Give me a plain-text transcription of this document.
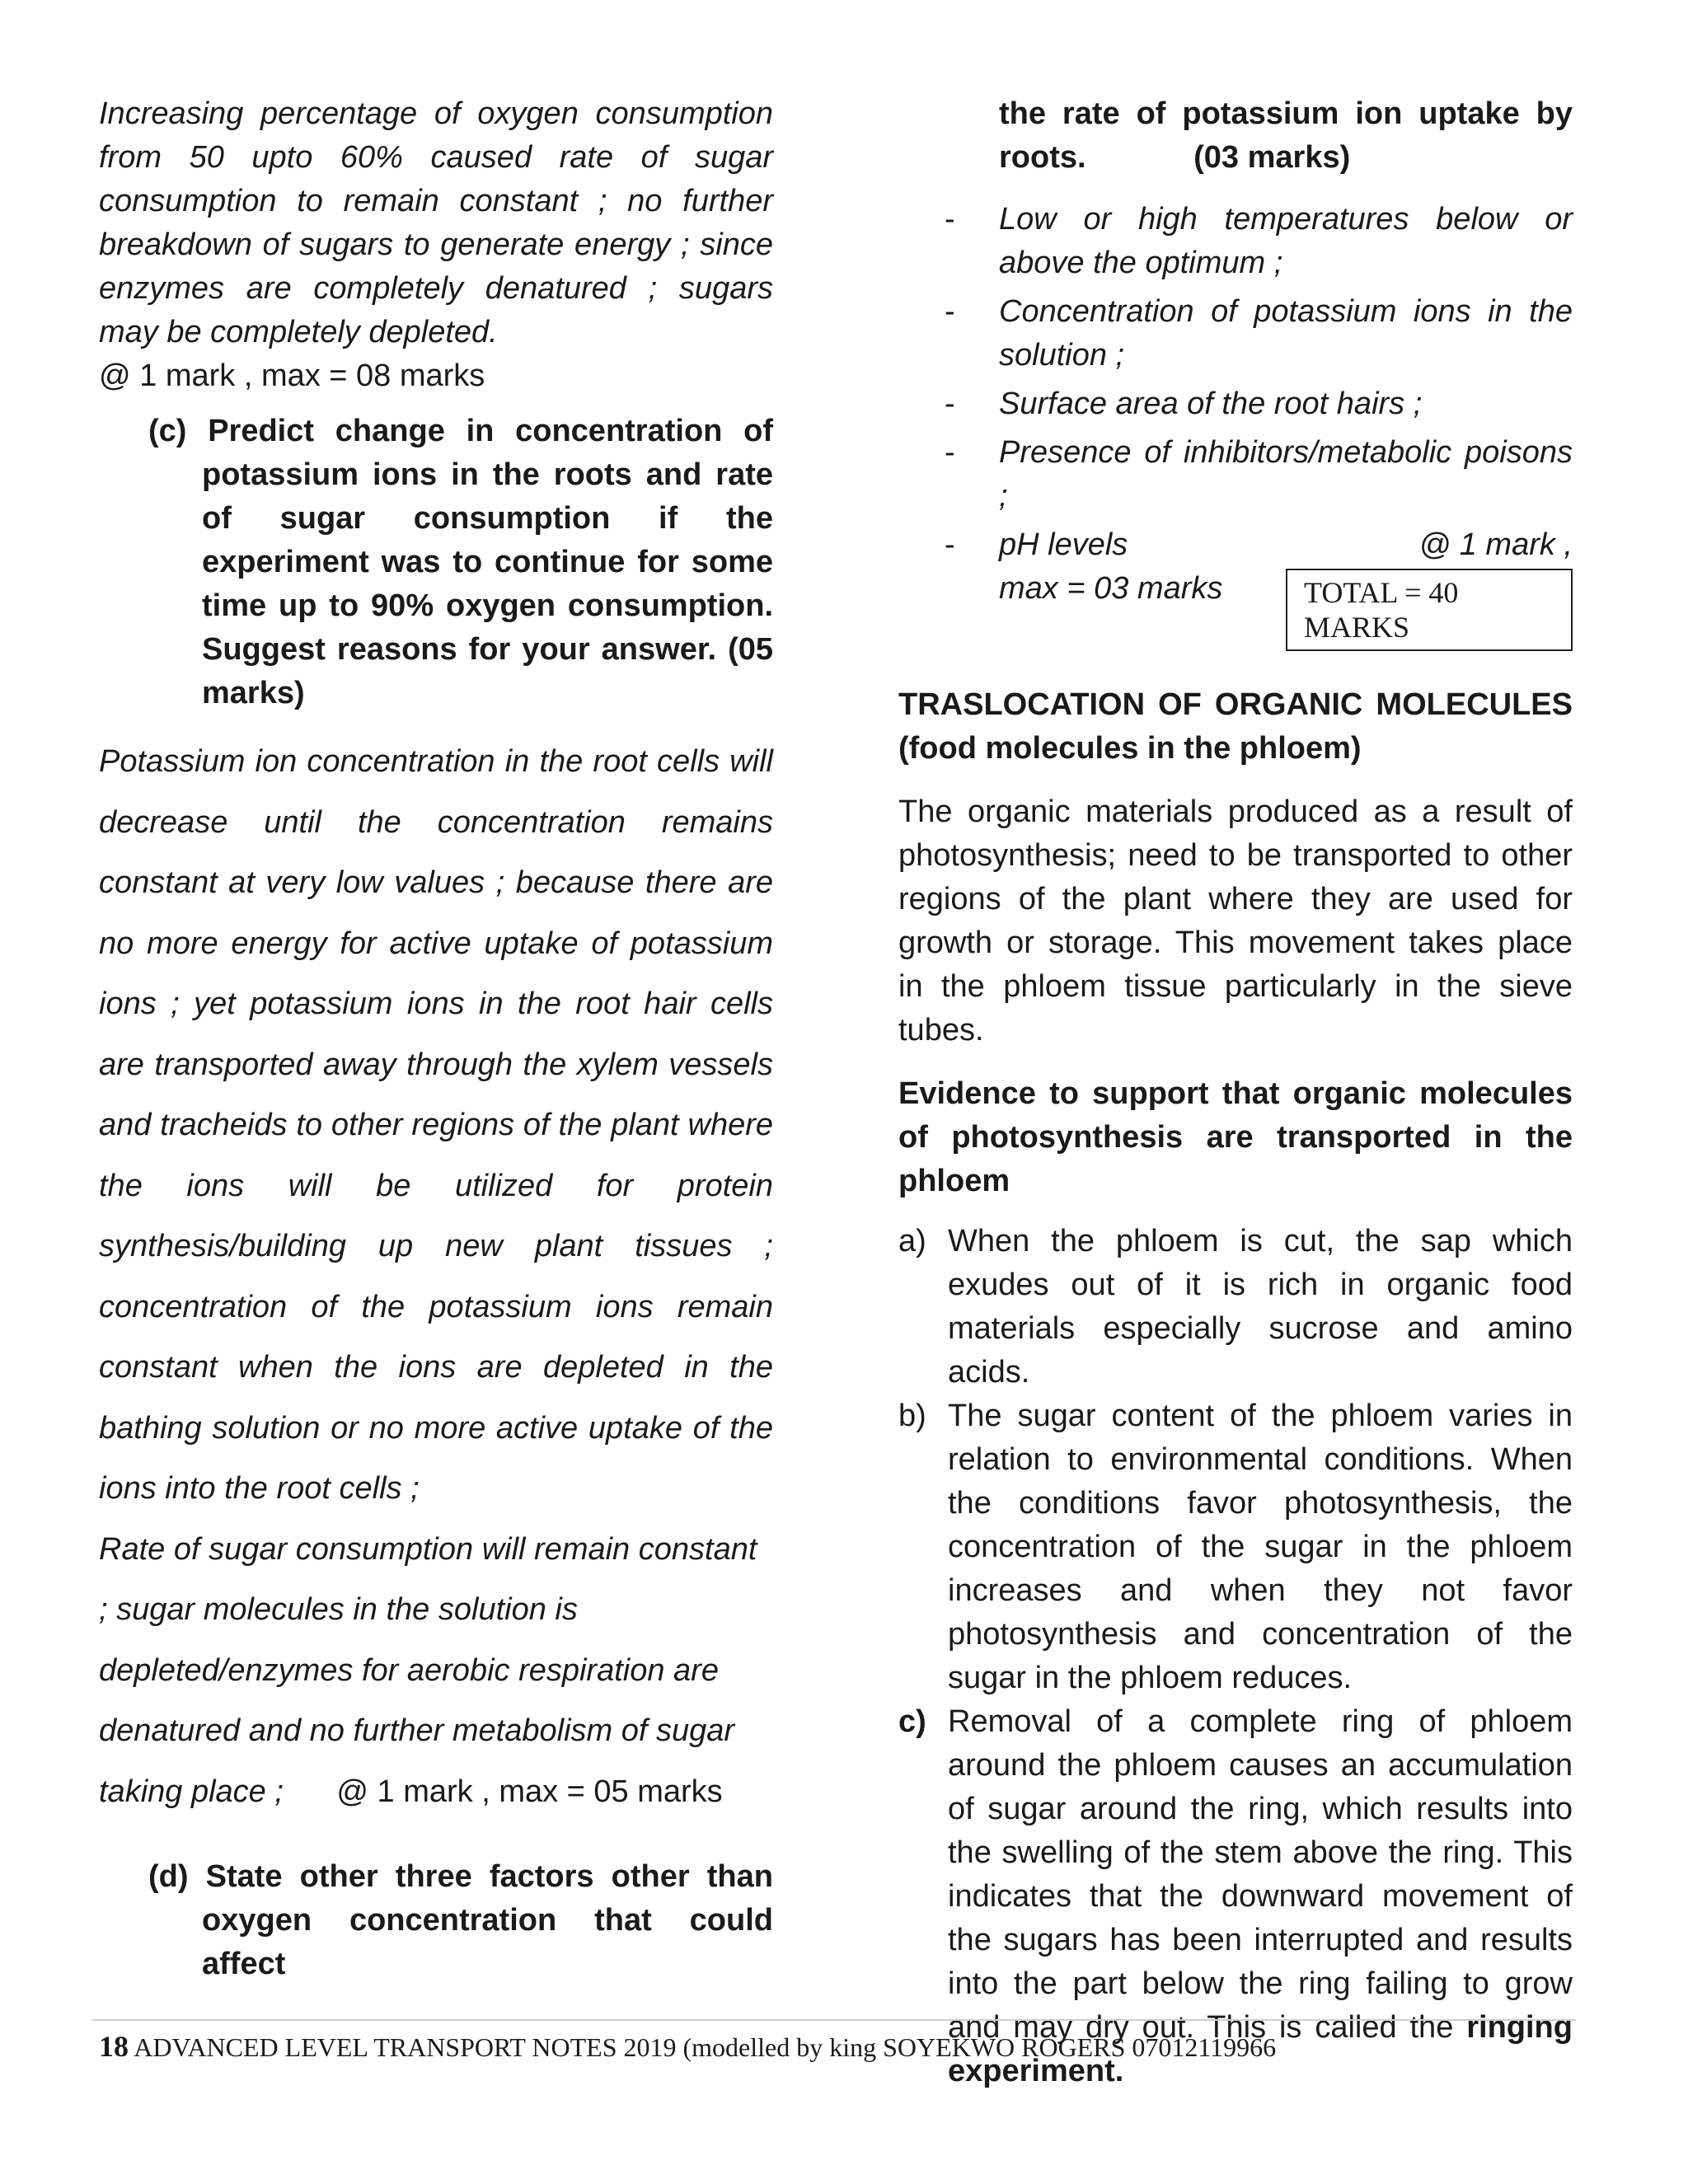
Increasing percentage of oxygen consumption from 50 upto 60% caused rate of sugar consumption to remain constant ; no further breakdown of sugars to generate energy ; since enzymes are completely denatured ; sugars may be completely depleted.

@ 1 mark , max = 08 marks

(c) Predict change in concentration of potassium ions in the roots and rate of sugar consumption if the experiment was to continue for some time up to 90% oxygen consumption. Suggest reasons for your answer. (05 marks)

Potassium ion concentration in the root cells will decrease until the concentration remains constant at very low values ; because there are no more energy for active uptake of potassium ions ; yet potassium ions in the root hair cells are transported away through the xylem vessels and tracheids to other regions of the plant where the ions will be utilized for protein synthesis/building up new plant tissues ; concentration of the potassium ions remain constant when the ions are depleted in the bathing solution or no more active uptake of the ions into the root cells ;

Rate of sugar consumption will remain constant ; sugar molecules in the solution is depleted/enzymes for aerobic respiration are denatured and no further metabolism of sugar taking place ; @ 1 mark , max = 05 marks

(d) State other three factors other than oxygen concentration that could affect

the rate of potassium ion uptake by roots.	(03 marks)

- Low or high temperatures below or above the optimum ;
- Concentration of potassium ions in the solution ;
- Surface area of the root hairs ;
- Presence of inhibitors/metabolic poisons ;
- pH levels	@ 1 mark ,

max = 03 marks	TOTAL = 40 MARKS

TRASLOCATION OF ORGANIC MOLECULES (food molecules in the phloem)

The organic materials produced as a result of photosynthesis; need to be transported to other regions of the plant where they are used for growth or storage. This movement takes place in the phloem tissue particularly in the sieve tubes.

Evidence to support that organic molecules of photosynthesis are transported in the phloem

a) When the phloem is cut, the sap which exudes out of it is rich in organic food materials especially sucrose and amino acids.
b) The sugar content of the phloem varies in relation to environmental conditions. When the conditions favor photosynthesis, the concentration of the sugar in the phloem increases and when they not favor photosynthesis and concentration of the sugar in the phloem reduces.
c) Removal of a complete ring of phloem around the phloem causes an accumulation of sugar around the ring, which results into the swelling of the stem above the ring. This indicates that the downward movement of the sugars has been interrupted and results into the part below the ring failing to grow and may dry out. This is called the ringing experiment.
18 ADVANCED LEVEL TRANSPORT NOTES 2019 (modelled by king SOYEKWO ROGERS 07012119966
